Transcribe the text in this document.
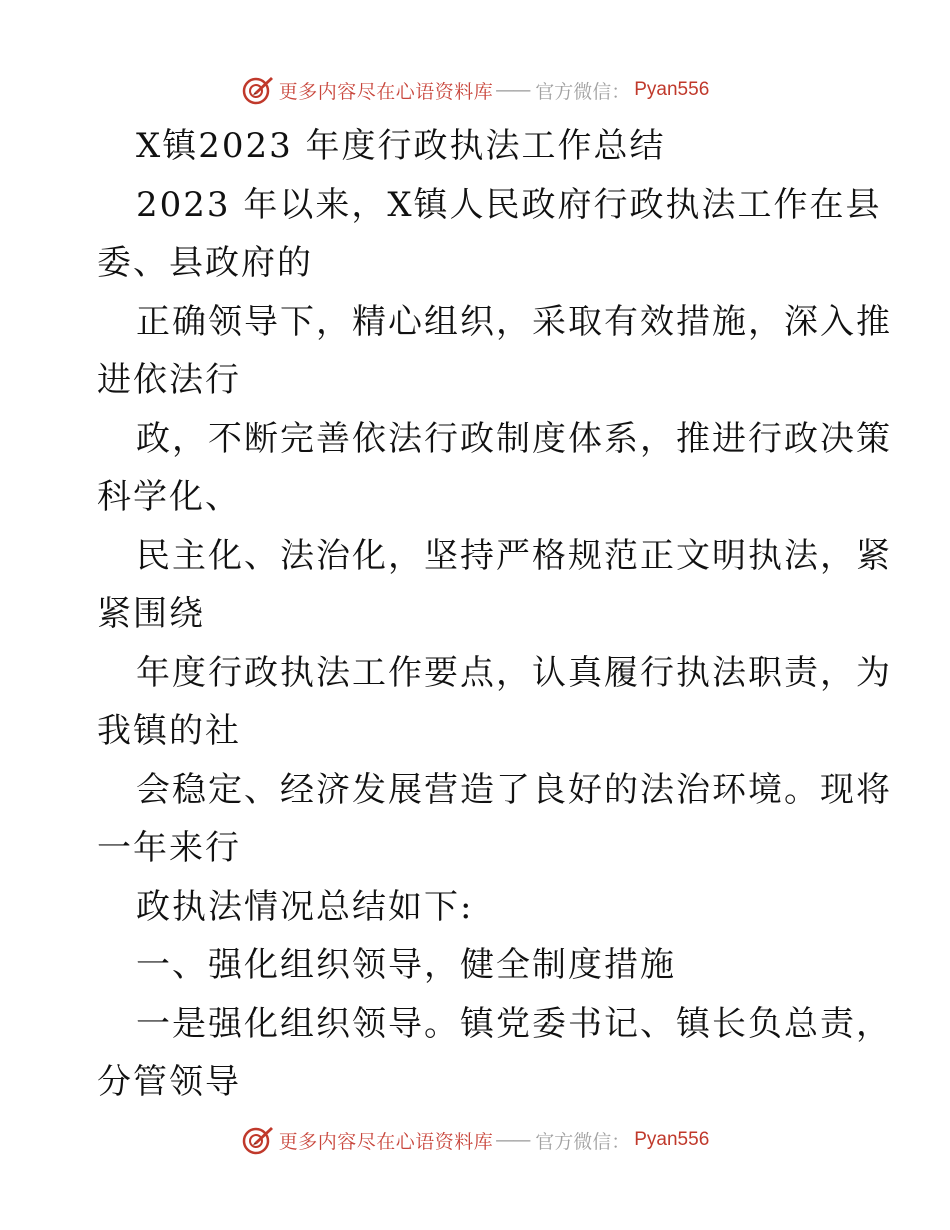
更多内容尽在心语资料库 —— 官方微信： Pyan556
X镇2023 年度行政执法工作总结
2023 年以来，X镇人民政府行政执法工作在县
委、县政府的
正确领导下，精心组织，采取有效措施，深入推
进依法行
政，不断完善依法行政制度体系，推进行政决策
科学化、
民主化、法治化，坚持严格规范正文明执法，紧
紧围绕
年度行政执法工作要点，认真履行执法职责，为
我镇的社
会稳定、经济发展营造了良好的法治环境。现将
一年来行
政执法情况总结如下:
一、强化组织领导，健全制度措施
一是强化组织领导。镇党委书记、镇长负总责，
分管领导
更多内容尽在心语资料库 —— 官方微信： Pyan556
